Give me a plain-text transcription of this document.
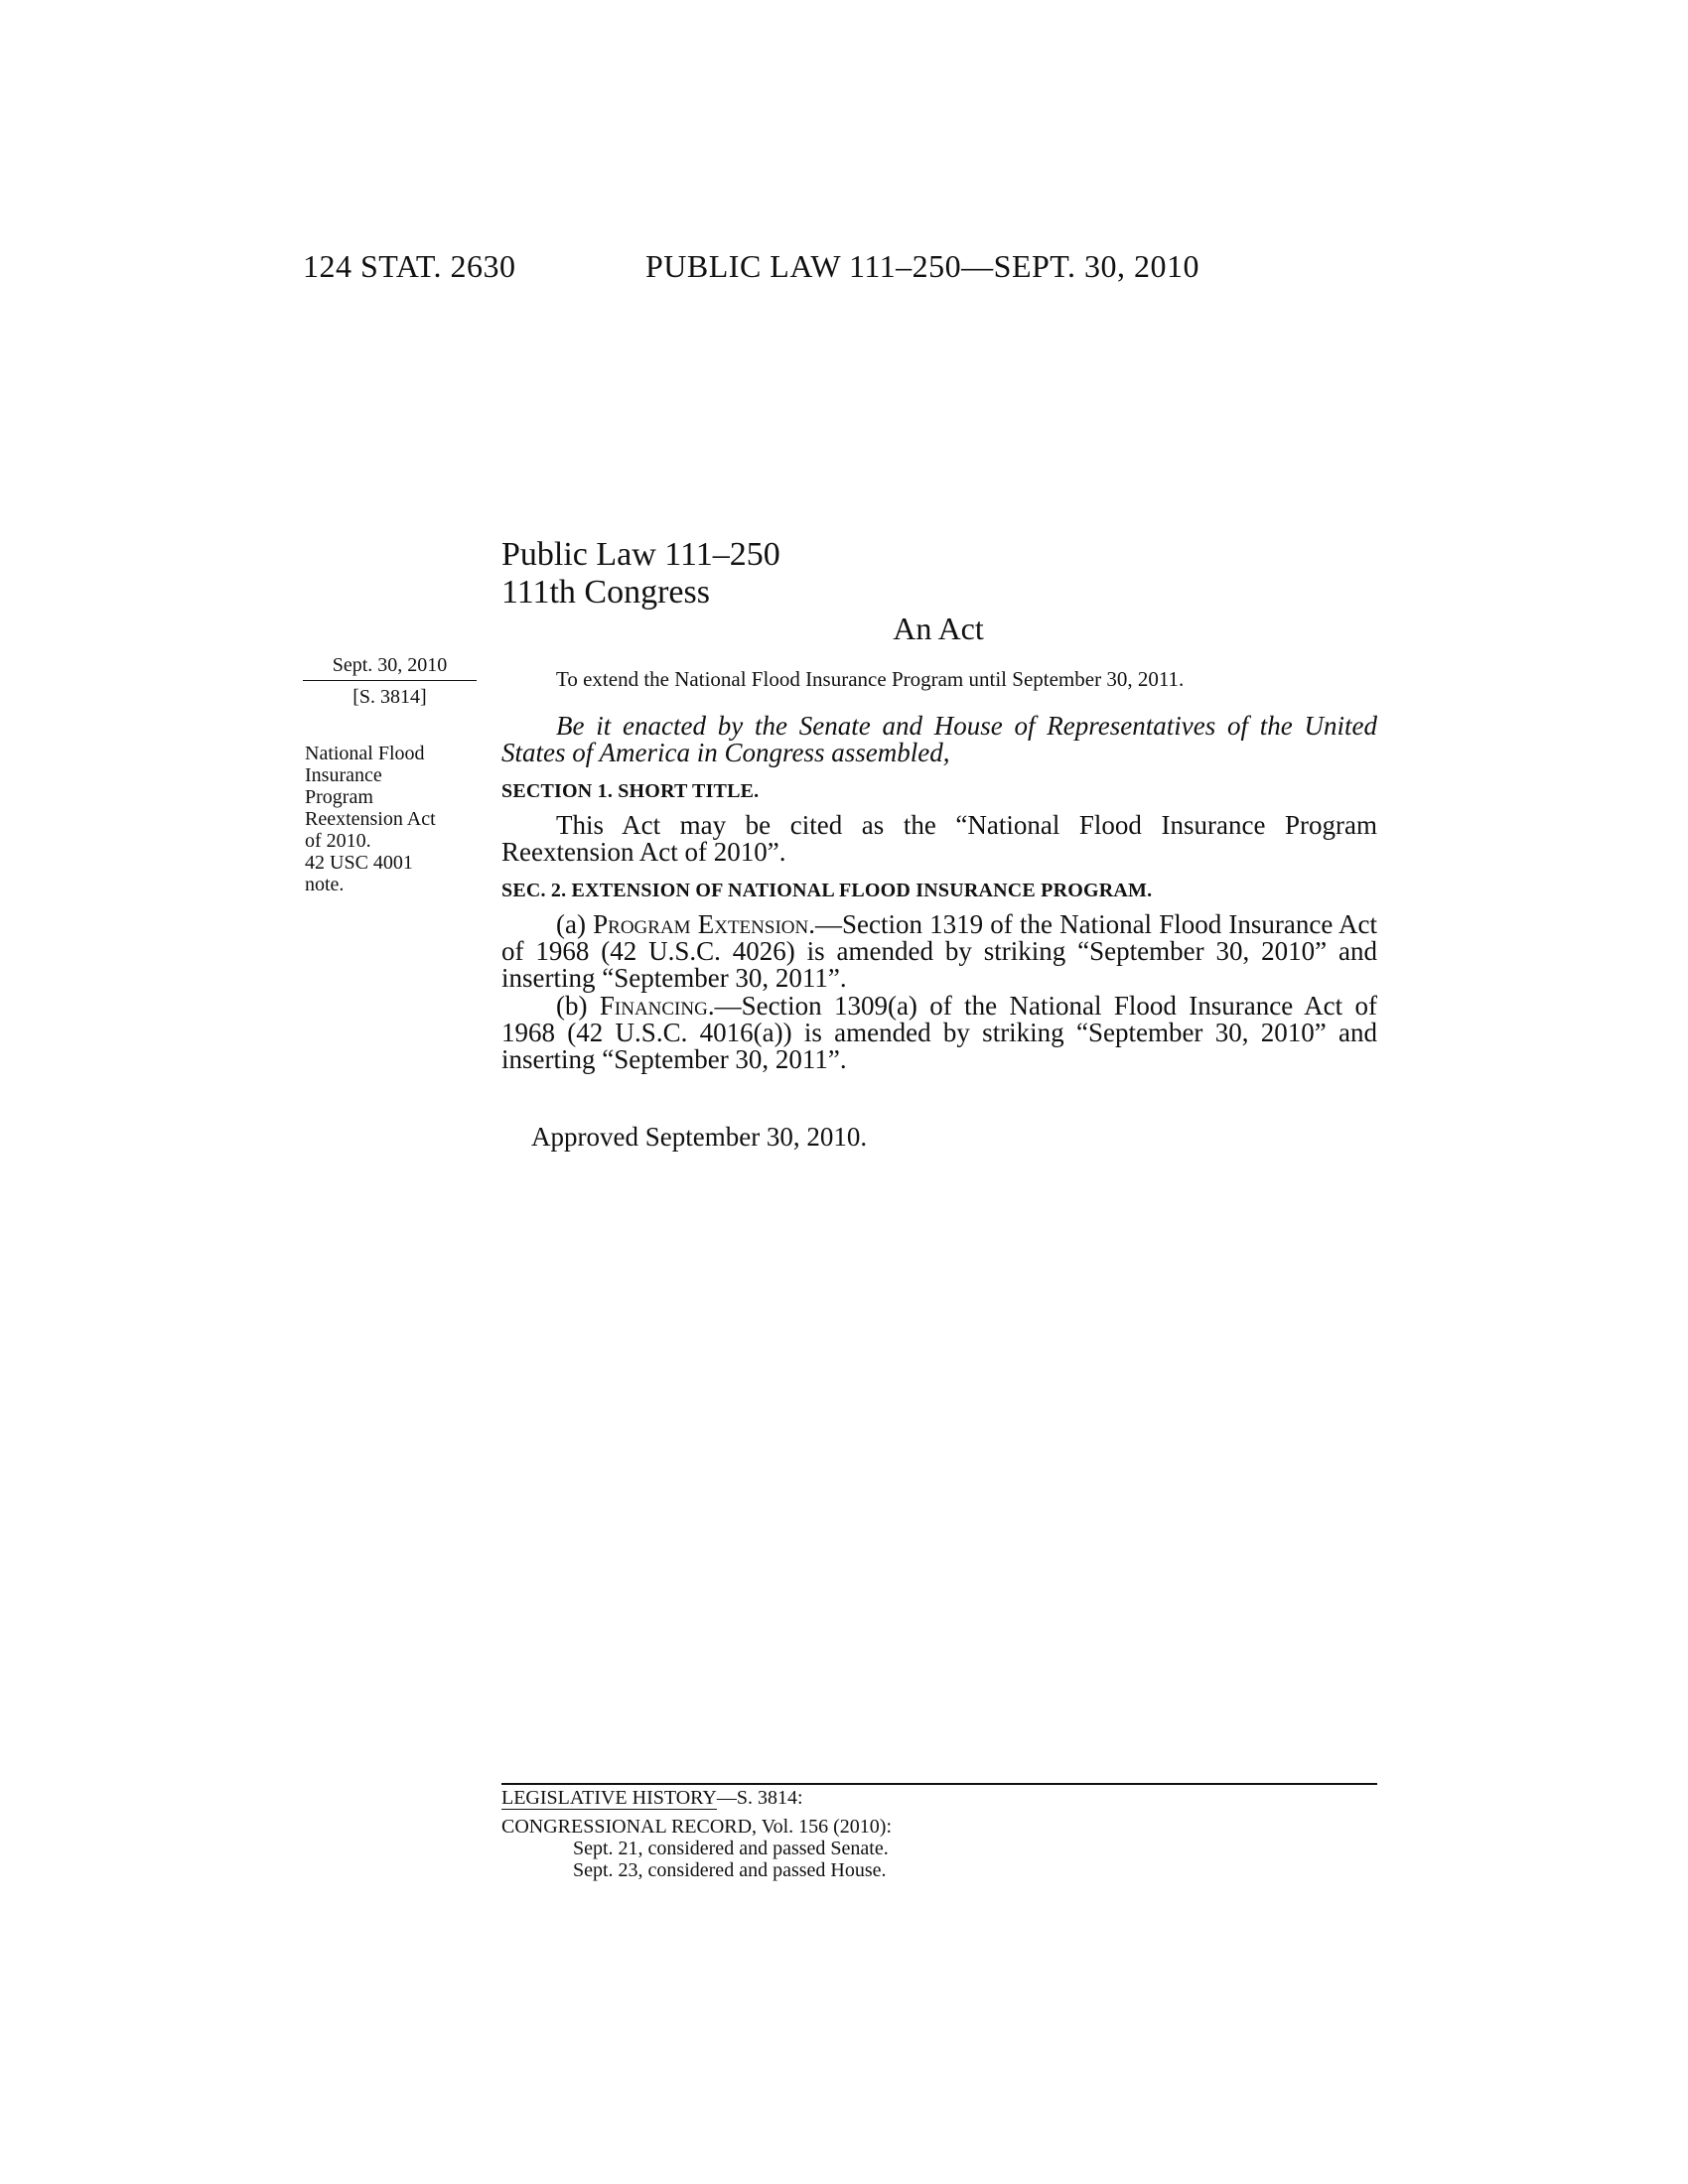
124 STAT. 2630	PUBLIC LAW 111–250—SEPT. 30, 2010
Public Law 111–250
111th Congress
An Act
Sept. 30, 2010
[S. 3814]
National Flood
Insurance
Program
Reextension Act
of 2010.
42 USC 4001
note.
To extend the National Flood Insurance Program until September 30, 2011.
Be it enacted by the Senate and House of Representatives of the United States of America in Congress assembled,
SECTION 1. SHORT TITLE.
This Act may be cited as the “National Flood Insurance Program Reextension Act of 2010”.
SEC. 2. EXTENSION OF NATIONAL FLOOD INSURANCE PROGRAM.
(a) Program Extension.—Section 1319 of the National Flood Insurance Act of 1968 (42 U.S.C. 4026) is amended by striking “September 30, 2010” and inserting “September 30, 2011”.
(b) Financing.—Section 1309(a) of the National Flood Insurance Act of 1968 (42 U.S.C. 4016(a)) is amended by striking “September 30, 2010” and inserting “September 30, 2011”.
Approved September 30, 2010.
LEGISLATIVE HISTORY—S. 3814:
CONGRESSIONAL RECORD, Vol. 156 (2010):
Sept. 21, considered and passed Senate.
Sept. 23, considered and passed House.
